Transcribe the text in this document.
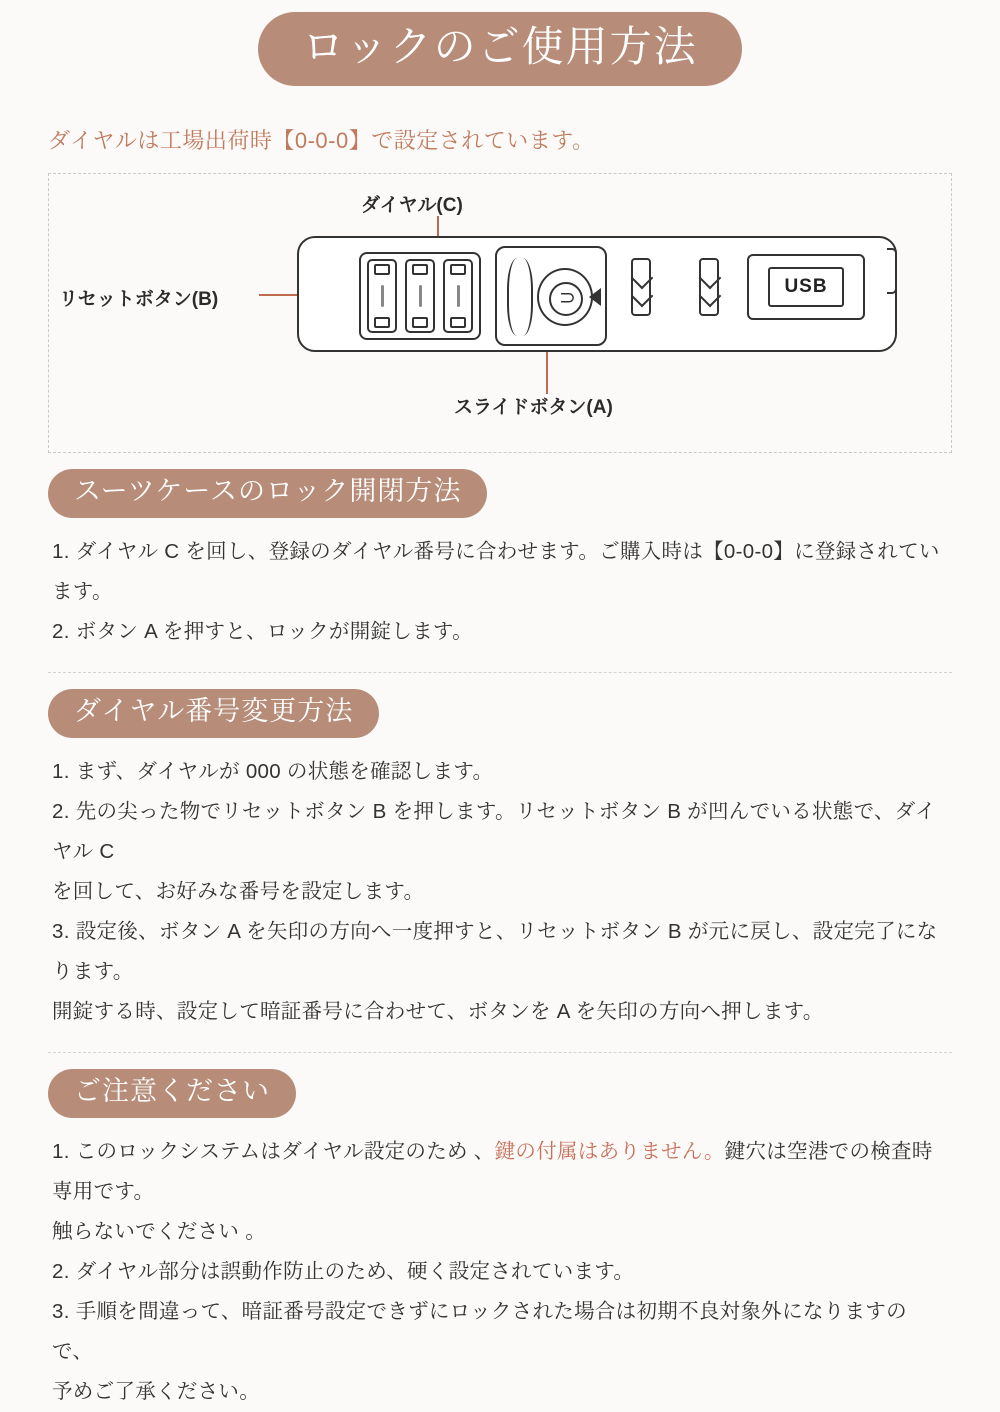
ロックのご使用方法
ダイヤルは工場出荷時【0-0-0】で設定されています。
ダイヤル(C)
リセットボタン(B)
スライドボタン(A)
⊃
USB
スーツケースのロック開閉方法

1. ダイヤル C を回し、登録のダイヤル番号に合わせます。ご購入時は【0-0-0】に登録されています。

2. ボタン A を押すと、ロックが開錠します。

ダイヤル番号変更方法

1. まず、ダイヤルが 000 の状態を確認します。

2. 先の尖った物でリセットボタン B を押します。リセットボタン B が凹んでいる状態で、ダイヤル C

を回して、お好みな番号を設定します。

3. 設定後、ボタン A を矢印の方向へ一度押すと、リセットボタン B が元に戻し、設定完了になります。

開錠する時、設定して暗証番号に合わせて、ボタンを A を矢印の方向へ押します。

ご注意ください

1. このロックシステムはダイヤル設定のため 、鍵の付属はありません。鍵穴は空港での検査時専用です。

触らないでください 。

2. ダイヤル部分は誤動作防止のため、硬く設定されています。

3. 手順を間違って、暗証番号設定できずにロックされた場合は初期不良対象外になりますので、

予めご了承ください。
